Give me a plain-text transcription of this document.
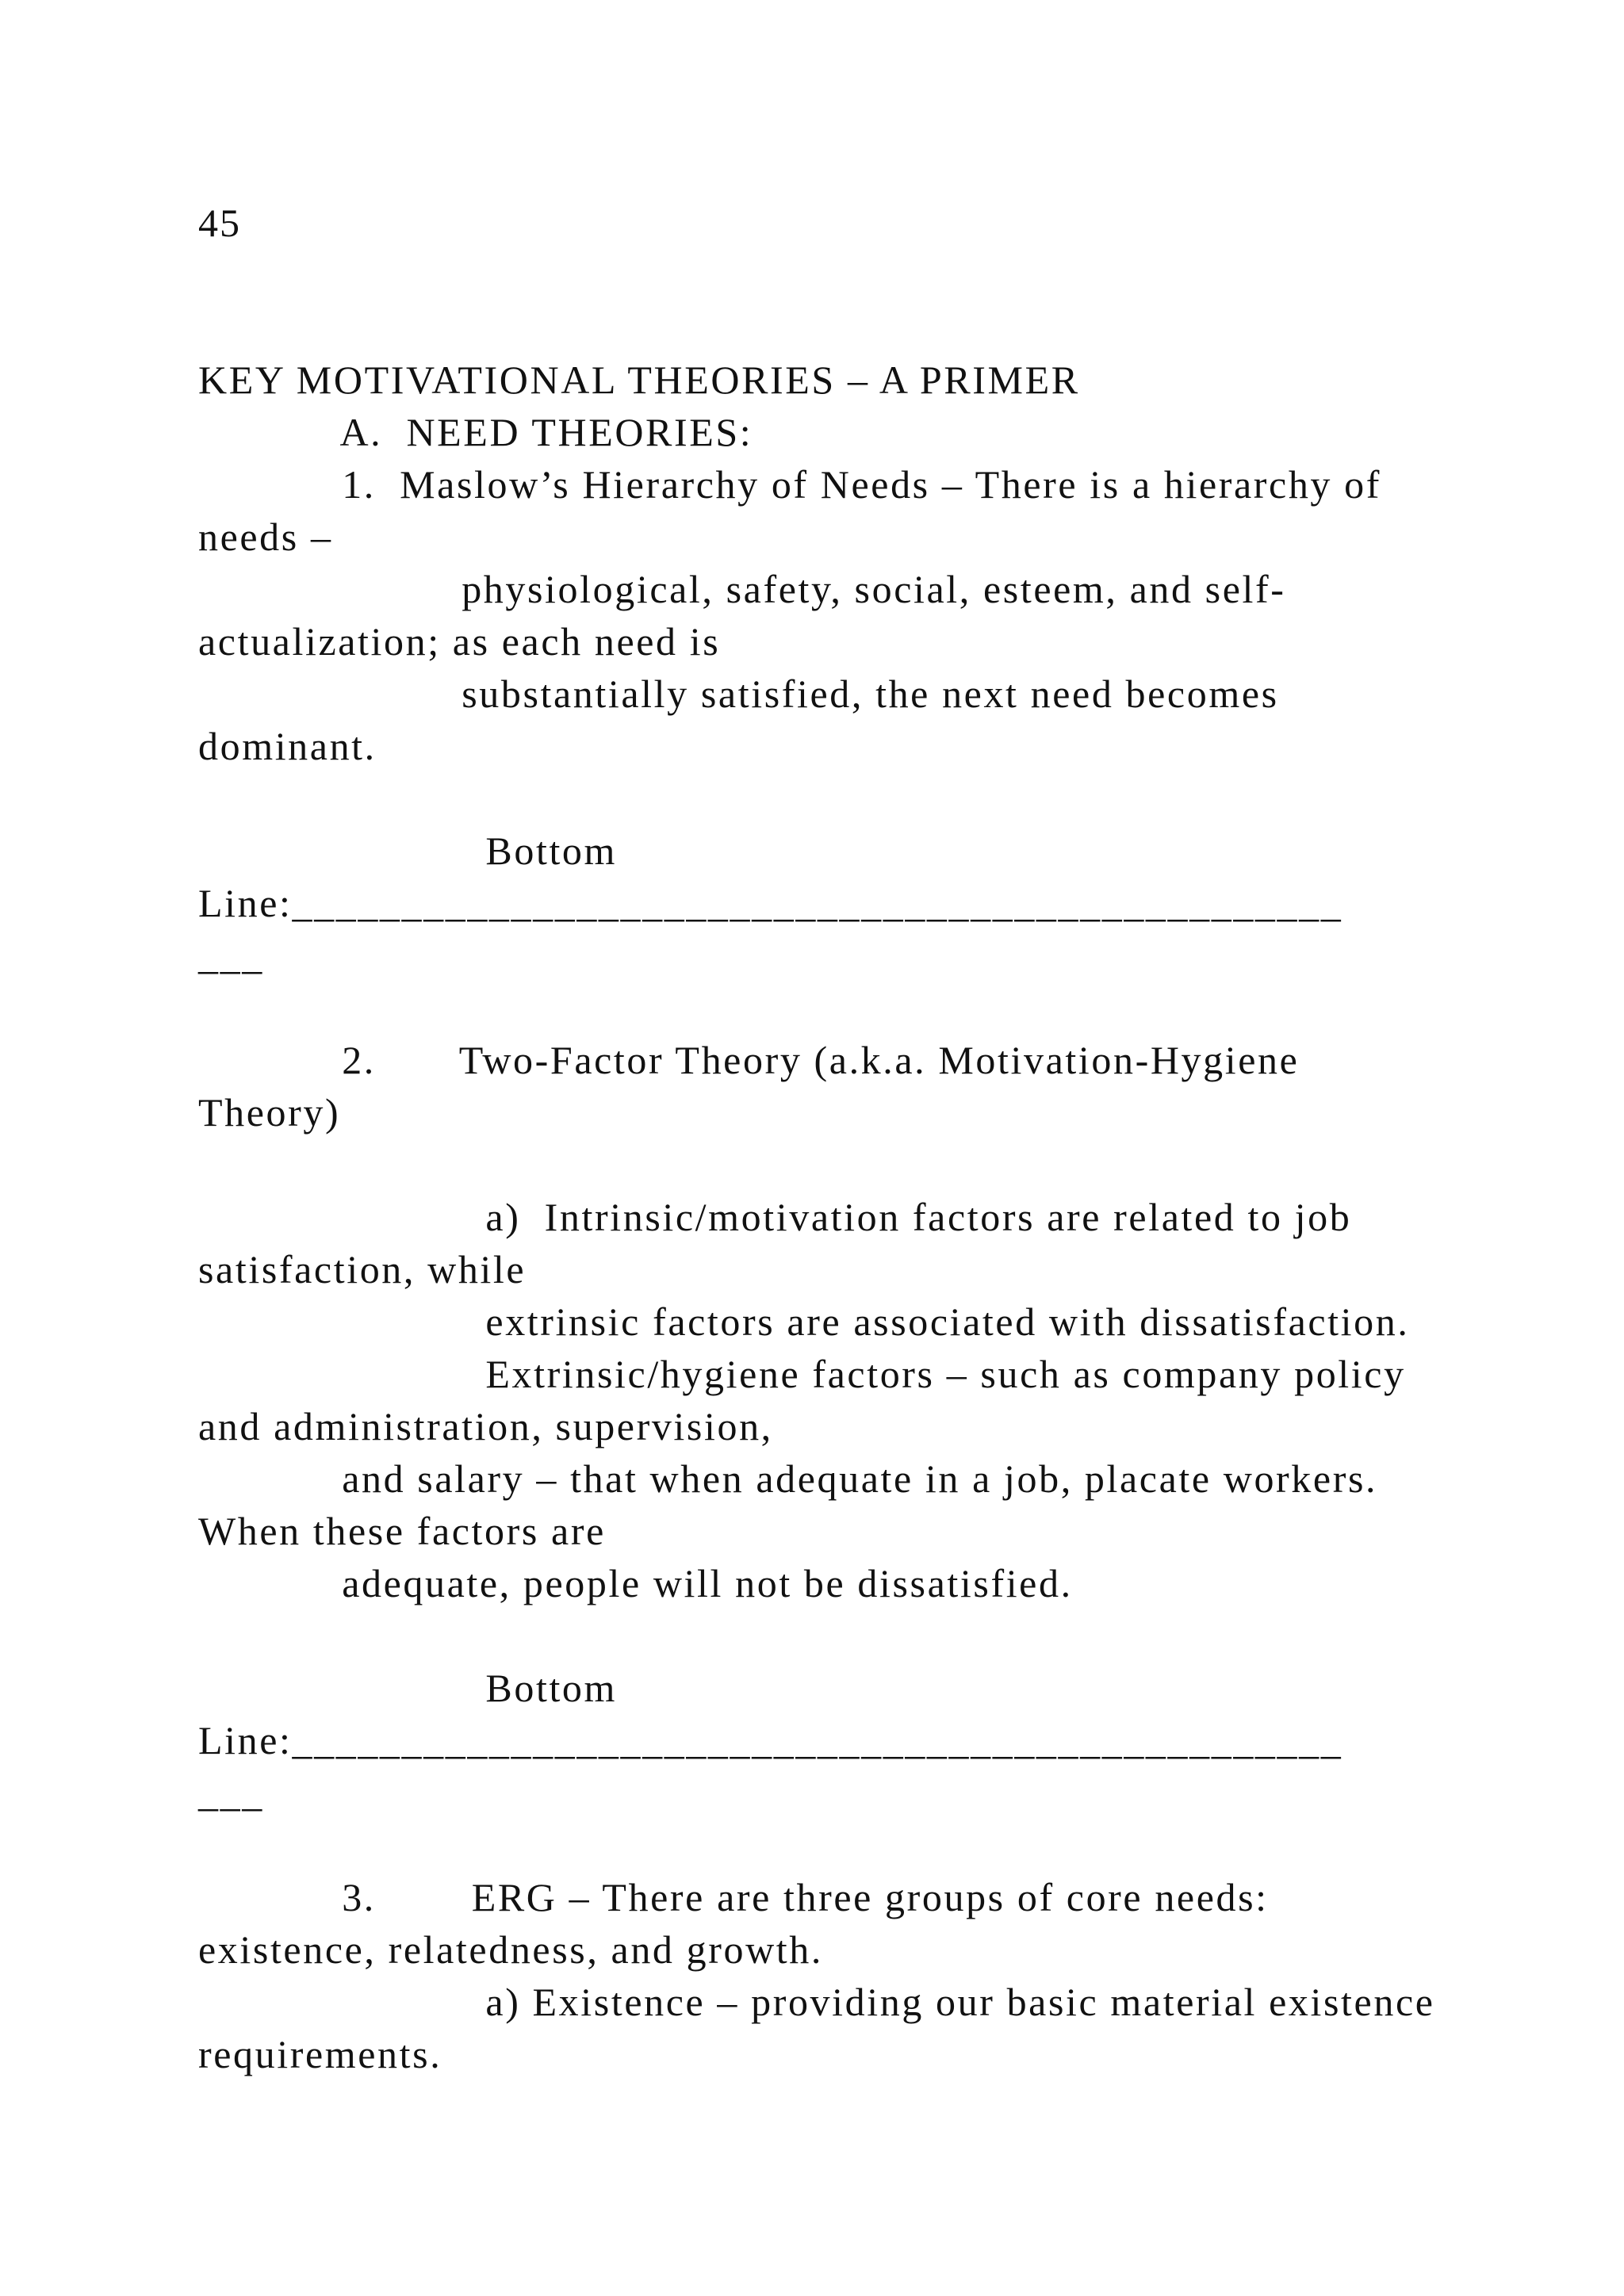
45
KEY MOTIVATIONAL THEORIES – A PRIMER
A.  NEED THEORIES:
1.  Maslow’s Hierarchy of Needs – There is a hierarchy of
needs –
physiological, safety, social, esteem, and self-
actualization; as each need is
substantially satisfied, the next need becomes
dominant.
Bottom
Line:________________________________________________
___
2.       Two-Factor Theory (a.k.a. Motivation-Hygiene
Theory)
a)  Intrinsic/motivation factors are related to job
satisfaction, while
extrinsic factors are associated with dissatisfaction.
Extrinsic/hygiene factors – such as company policy
and administration, supervision,
and salary – that when adequate in a job, placate workers.
When these factors are
adequate, people will not be dissatisfied.
Bottom
Line:________________________________________________
___
3.        ERG – There are three groups of core needs:
existence, relatedness, and growth.
a) Existence – providing our basic material existence
requirements.
